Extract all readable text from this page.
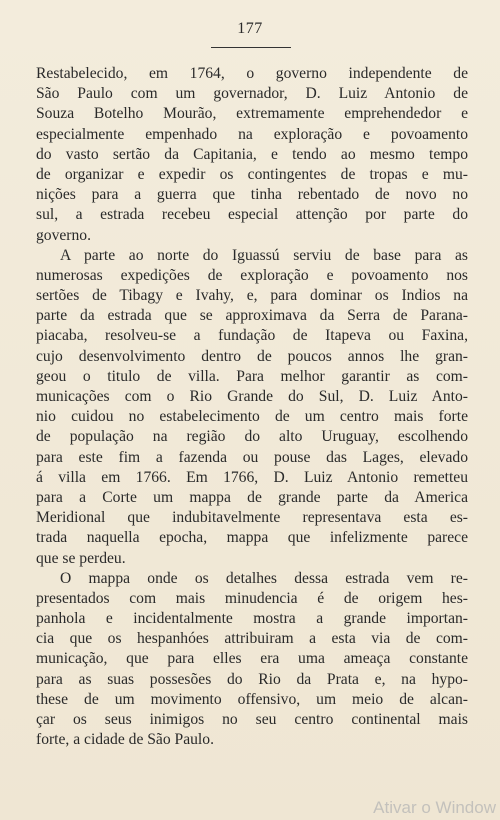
177
Restabelecido, em 1764, o governo independente de
São Paulo com um governador, D. Luiz Antonio de
Souza Botelho Mourão, extremamente emprehendedor e
especialmente empenhado na exploração e povoamento
do vasto sertão da Capitania, e tendo ao mesmo tempo
de organizar e expedir os contingentes de tropas e mu-
nições para a guerra que tinha rebentado de novo no
sul, a estrada recebeu especial attenção por parte do
governo.
A parte ao norte do Iguassú serviu de base para as
numerosas expedições de exploração e povoamento nos
sertões de Tibagy e Ivahy, e, para dominar os Indios na
parte da estrada que se approximava da Serra de Parana-
piacaba, resolveu-se a fundação de Itapeva ou Faxina,
cujo desenvolvimento dentro de poucos annos lhe gran-
geou o titulo de villa. Para melhor garantir as com-
municações com o Rio Grande do Sul, D. Luiz Anto-
nio cuidou no estabelecimento de um centro mais forte
de população na região do alto Uruguay, escolhendo
para este fim a fazenda ou pouse das Lages, elevado
á villa em 1766. Em 1766, D. Luiz Antonio remetteu
para a Corte um mappa de grande parte da America
Meridional que indubitavelmente representava esta es-
trada naquella epocha, mappa que infelizmente parece
que se perdeu.
O mappa onde os detalhes dessa estrada vem re-
presentados com mais minudencia é de origem hes-
panhola e incidentalmente mostra a grande importan-
cia que os hespanhóes attribuiram a esta via de com-
municação, que para elles era uma ameaça constante
para as suas possesões do Rio da Prata e, na hypo-
these de um movimento offensivo, um meio de alcan-
çar os seus inimigos no seu centro continental mais
forte, a cidade de São Paulo.
Ativar o Window
